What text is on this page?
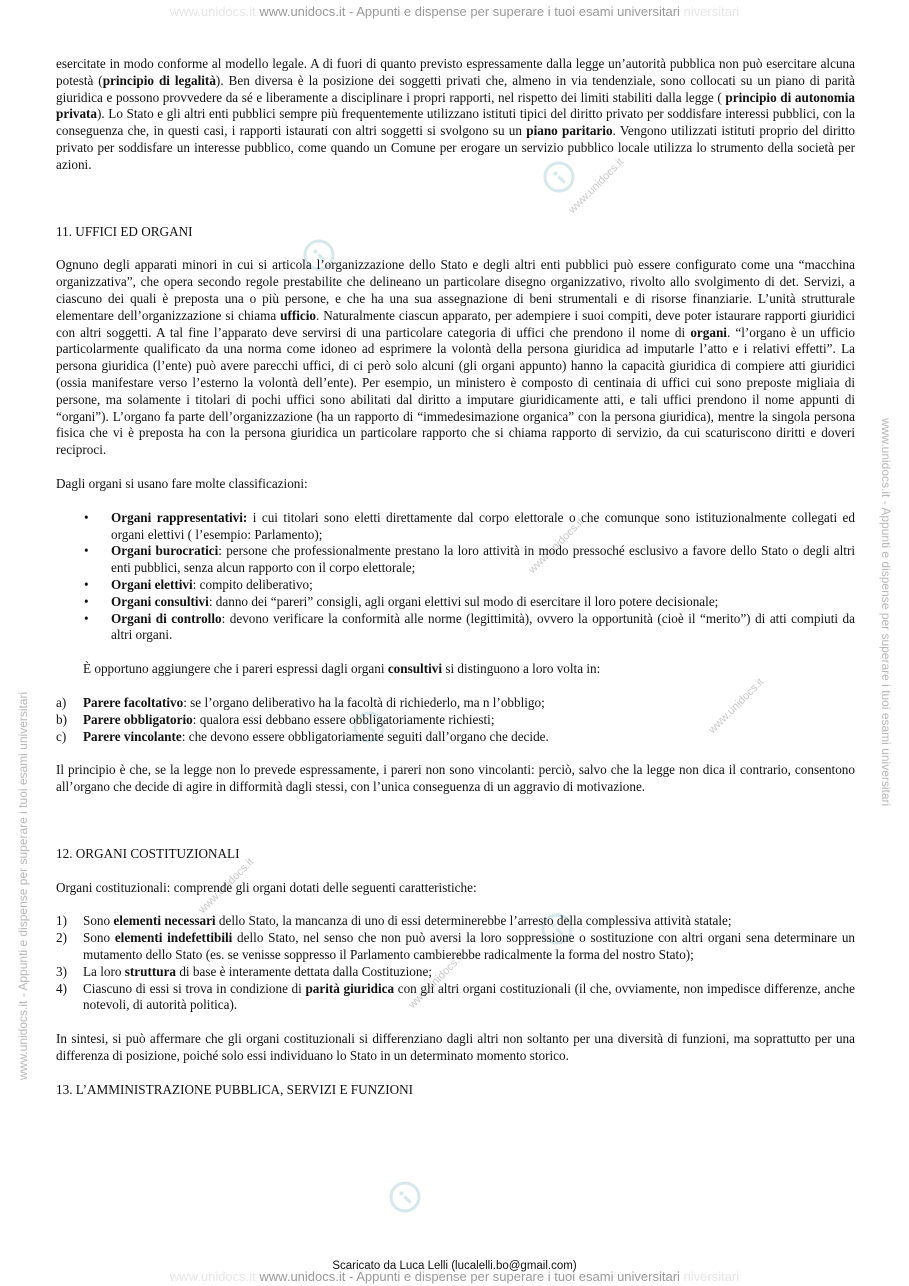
www.unidocs.it www.unidocs.it - Appunti e dispense per superare i tuoi esami universitari niversitari
www.unidocs.it www.unidocs.it - Appunti e dispense per superare i tuoi esami universitari niversitari
Scaricato da Luca Lelli (lucalelli.bo@gmail.com)
www.unidocs.it - Appunti e dispense per superare i tuoi esami universitari
www.unidocs.it - Appunti e dispense per superare i tuoi esami universitari
www.unidocs.it
www.unidocs.it
www.unidocs.it
www.unidocs.it
www.unidocs.it

esercitate in modo conforme al modello legale. A di fuori di quanto previsto espressamente dalla legge un’autorità pubblica non può esercitare alcuna potestà (principio di legalità). Ben diversa è la posizione dei soggetti privati che, almeno in via tendenziale, sono collocati su un piano di parità giuridica e possono provvedere da sé e liberamente a disciplinare i propri rapporti, nel rispetto dei limiti stabiliti dalla legge ( principio di autonomia privata). Lo Stato e gli altri enti pubblici sempre più frequentemente utilizzano istituti tipici del diritto privato per soddisfare interessi pubblici, con la conseguenza che, in questi casi, i rapporti istaurati con altri soggetti si svolgono su un piano paritario. Vengono utilizzati istituti proprio del diritto privato per soddisfare un interesse pubblico, come quando un Comune per erogare un servizio pubblico locale utilizza lo strumento della società per azioni.

11. UFFICI ED ORGANI

Ognuno degli apparati minori in cui si articola l’organizzazione dello Stato e degli altri enti pubblici può essere configurato come una “macchina organizzativa”, che opera secondo regole prestabilite che delineano un particolare disegno organizzativo, rivolto allo svolgimento di det. Servizi, a ciascuno dei quali è preposta una o più persone, e che ha una sua assegnazione di beni strumentali e di risorse finanziarie. L’unità strutturale elementare dell’organizzazione si chiama ufficio. Naturalmente ciascun apparato, per adempiere i suoi compiti, deve poter istaurare rapporti giuridici con altri soggetti. A tal fine l’apparato deve servirsi di una particolare categoria di uffici che prendono il nome di organi. “l’organo è un ufficio particolarmente qualificato da una norma come idoneo ad esprimere la volontà della persona giuridica ad imputarle l’atto e i relativi effetti”. La persona giuridica (l’ente) può avere parecchi uffici, di ci però solo alcuni (gli organi appunto) hanno la capacità giuridica di compiere atti giuridici (ossia manifestare verso l’esterno la volontà dell’ente). Per esempio, un ministero è composto di centinaia di uffici cui sono preposte migliaia di persone, ma solamente i titolari di pochi uffici sono abilitati dal diritto a imputare giuridicamente atti, e tali uffici prendono il nome appunti di “organi”). L’organo fa parte dell’organizzazione (ha un rapporto di “immedesimazione organica” con la persona giuridica), mentre la singola persona fisica che vi è preposta ha con la persona giuridica un particolare rapporto che si chiama rapporto di servizio, da cui scaturiscono diritti e doveri reciproci.

Dagli organi si usano fare molte classificazioni:

• Organi rappresentativi: i cui titolari sono eletti direttamente dal corpo elettorale o che comunque sono istituzionalmente collegati ed organi elettivi ( l’esempio: Parlamento);
• Organi burocratici: persone che professionalmente prestano la loro attività in modo pressoché esclusivo a favore dello Stato o degli altri enti pubblici, senza alcun rapporto con il corpo elettorale;
• Organi elettivi: compito deliberativo;
• Organi consultivi: danno dei “pareri” consigli, agli organi elettivi sul modo di esercitare il loro potere decisionale;
• Organi di controllo: devono verificare la conformità alle norme (legittimità), ovvero la opportunità (cioè il “merito”) di atti compiuti da altri organi.

È opportuno aggiungere che i pareri espressi dagli organi consultivi si distinguono a loro volta in:

a) Parere facoltativo: se l’organo deliberativo ha la facoltà di richiederlo, ma n l’obbligo;
b) Parere obbligatorio: qualora essi debbano essere obbligatoriamente richiesti;
c) Parere vincolante: che devono essere obbligatoriamente seguiti dall’organo che decide.

Il principio è che, se la legge non lo prevede espressamente, i pareri non sono vincolanti: perciò, salvo che la legge non dica il contrario, consentono all’organo che decide di agire in difformità dagli stessi, con l’unica conseguenza di un aggravio di motivazione.

12. ORGANI COSTITUZIONALI

Organi costituzionali: comprende gli organi dotati delle seguenti caratteristiche:

1) Sono elementi necessari dello Stato, la mancanza di uno di essi determinerebbe l’arresto della complessiva attività statale;
2) Sono elementi indefettibili dello Stato, nel senso che non può aversi la loro soppressione o sostituzione con altri organi sena determinare un mutamento dello Stato (es. se venisse soppresso il Parlamento cambierebbe radicalmente la forma del nostro Stato);
3) La loro struttura di base è interamente dettata dalla Costituzione;
4) Ciascuno di essi si trova in condizione di parità giuridica con gli altri organi costituzionali (il che, ovviamente, non impedisce differenze, anche notevoli, di autorità politica).

In sintesi, si può affermare che gli organi costituzionali si differenziano dagli altri non soltanto per una diversità di funzioni, ma soprattutto per una differenza di posizione, poiché solo essi individuano lo Stato in un determinato momento storico.

13. L’AMMINISTRAZIONE PUBBLICA, SERVIZI E FUNZIONI
